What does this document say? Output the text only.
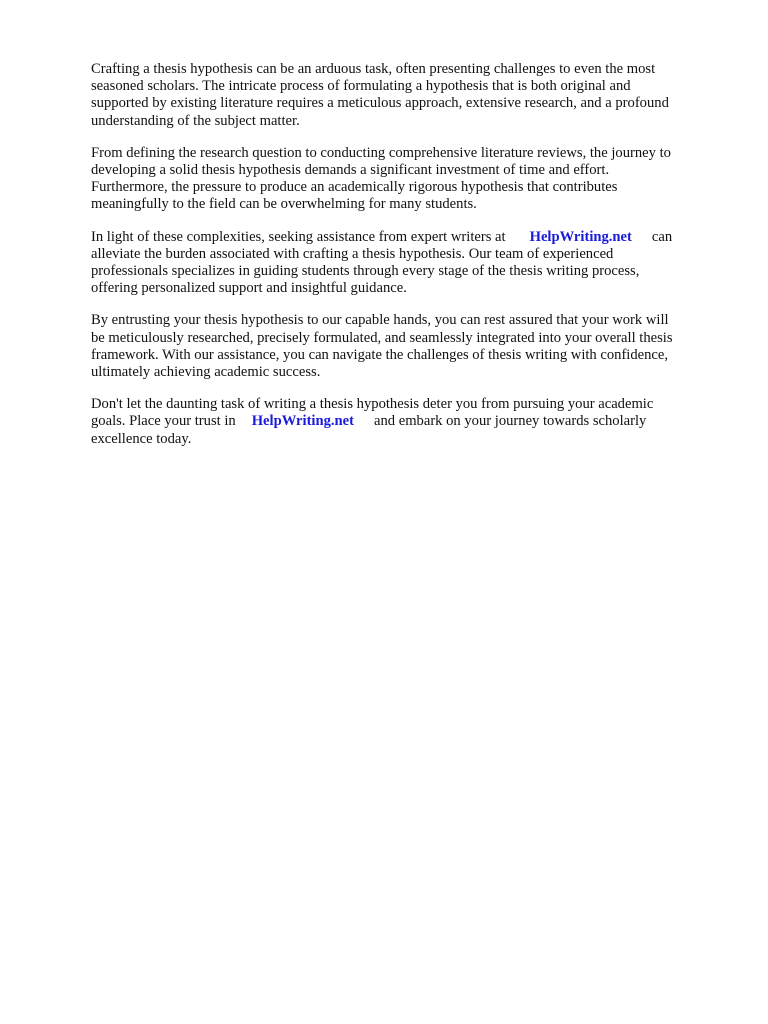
Crafting a thesis hypothesis can be an arduous task, often presenting challenges to even the most
seasoned scholars. The intricate process of formulating a hypothesis that is both original and
supported by existing literature requires a meticulous approach, extensive research, and a profound
understanding of the subject matter.

From defining the research question to conducting comprehensive literature reviews, the journey to
developing a solid thesis hypothesis demands a significant investment of time and effort.
Furthermore, the pressure to produce an academically rigorous hypothesis that contributes
meaningfully to the field can be overwhelming for many students.

In light of these complexities, seeking assistance from expert writers at HelpWriting.net can
alleviate the burden associated with crafting a thesis hypothesis. Our team of experienced
professionals specializes in guiding students through every stage of the thesis writing process,
offering personalized support and insightful guidance.

By entrusting your thesis hypothesis to our capable hands, you can rest assured that your work will
be meticulously researched, precisely formulated, and seamlessly integrated into your overall thesis
framework. With our assistance, you can navigate the challenges of thesis writing with confidence,
ultimately achieving academic success.

Don't let the daunting task of writing a thesis hypothesis deter you from pursuing your academic
goals. Place your trust in HelpWriting.net and embark on your journey towards scholarly
excellence today.
